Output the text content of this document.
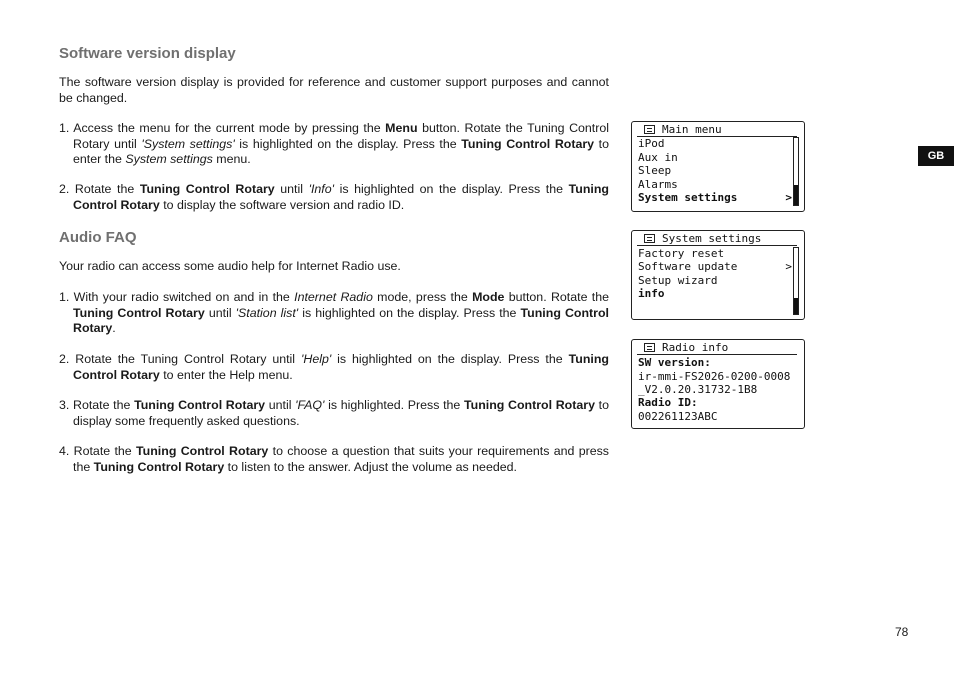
Software version display
The software version display is provided for reference and customer support purposes and cannot be changed.
1. Access the menu for the current mode by pressing the Menu button. Rotate the Tuning Control Rotary until 'System settings' is highlighted on the display. Press the Tuning Control Rotary to enter the System settings menu.
2. Rotate the Tuning Control Rotary until 'Info' is highlighted on the display. Press the Tuning Control Rotary to display the software version and radio ID.
Audio FAQ
Your radio can access some audio help for Internet Radio use.
1. With your radio switched on and in the Internet Radio mode, press the Mode button. Rotate the Tuning Control Rotary until 'Station list' is highlighted on the display. Press the Tuning Control Rotary.
2. Rotate the Tuning Control Rotary until 'Help' is highlighted on the display. Press the Tuning Control Rotary to enter the Help menu.
3. Rotate the Tuning Control Rotary until 'FAQ' is highlighted. Press the Tuning Control Rotary to display some frequently asked questions.
4. Rotate the Tuning Control Rotary to choose a question that suits your requirements and press the Tuning Control Rotary to listen to the answer. Adjust the volume as needed.
Main menu
iPod
Aux in
Sleep
Alarms
System settings	>
System settings
Factory reset
Software update	>
Setup wizard
info
Radio info
SW version:
ir-mmi-FS2026-0200-0008
_V2.0.20.31732-1B8
Radio ID:
002261123ABC
GB
78
